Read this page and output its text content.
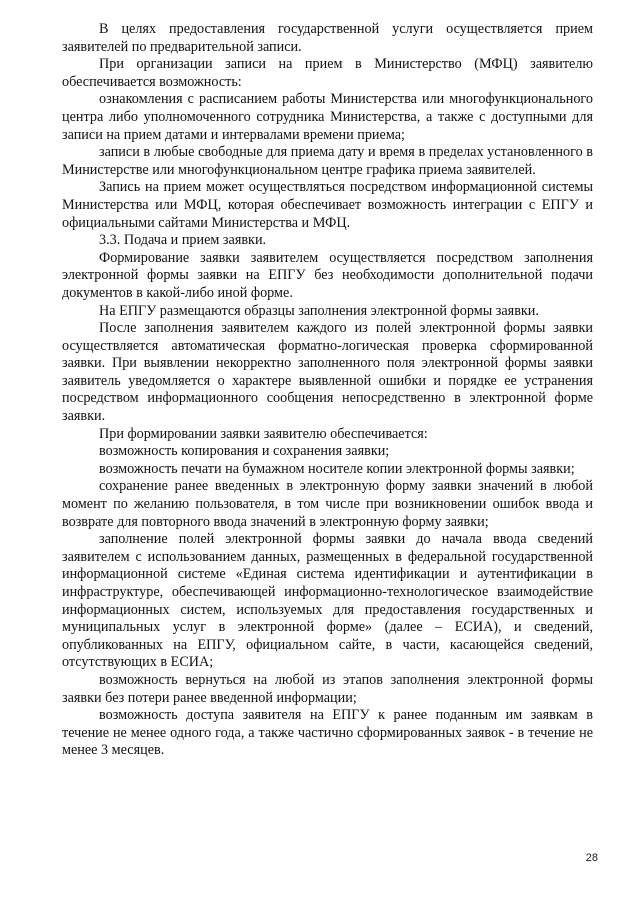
В целях предоставления государственной услуги осуществляется прием заявителей по предварительной записи.

При организации записи на прием в Министерство (МФЦ) заявителю обеспечивается возможность:

ознакомления с расписанием работы Министерства или многофункционального центра либо уполномоченного сотрудника Министерства, а также с доступными для записи на прием датами и интервалами времени приема;

записи в любые свободные для приема дату и время в пределах установленного в Министерстве или многофункциональном центре графика приема заявителей.

Запись на прием может осуществляться посредством информационной системы Министерства или МФЦ, которая обеспечивает возможность интеграции с ЕПГУ и официальными сайтами Министерства и МФЦ.

3.3. Подача и прием заявки.

Формирование заявки заявителем осуществляется посредством заполнения электронной формы заявки на ЕПГУ без необходимости дополнительной подачи документов в какой-либо иной форме.

На ЕПГУ размещаются образцы заполнения электронной формы заявки.

После заполнения заявителем каждого из полей электронной формы заявки осуществляется автоматическая форматно-логическая проверка сформированной заявки. При выявлении некорректно заполненного поля электронной формы заявки заявитель уведомляется о характере выявленной ошибки и порядке ее устранения посредством информационного сообщения непосредственно в электронной форме заявки.

При формировании заявки заявителю обеспечивается:

возможность копирования и сохранения заявки;

возможность печати на бумажном носителе копии электронной формы заявки;

сохранение ранее введенных в электронную форму заявки значений в любой момент по желанию пользователя, в том числе при возникновении ошибок ввода и возврате для повторного ввода значений в электронную форму заявки;

заполнение полей электронной формы заявки до начала ввода сведений заявителем с использованием данных, размещенных в федеральной государственной информационной системе «Единая система идентификации и аутентификации в инфраструктуре, обеспечивающей информационно-технологическое взаимодействие информационных систем, используемых для предоставления государственных и муниципальных услуг в электронной форме» (далее – ЕСИА), и сведений, опубликованных на ЕПГУ, официальном сайте, в части, касающейся сведений, отсутствующих в ЕСИА;

возможность вернуться на любой из этапов заполнения электронной формы заявки без потери ранее введенной информации;

возможность доступа заявителя на ЕПГУ к ранее поданным им заявкам в течение не менее одного года, а также частично сформированных заявок - в течение не менее 3 месяцев.

28
